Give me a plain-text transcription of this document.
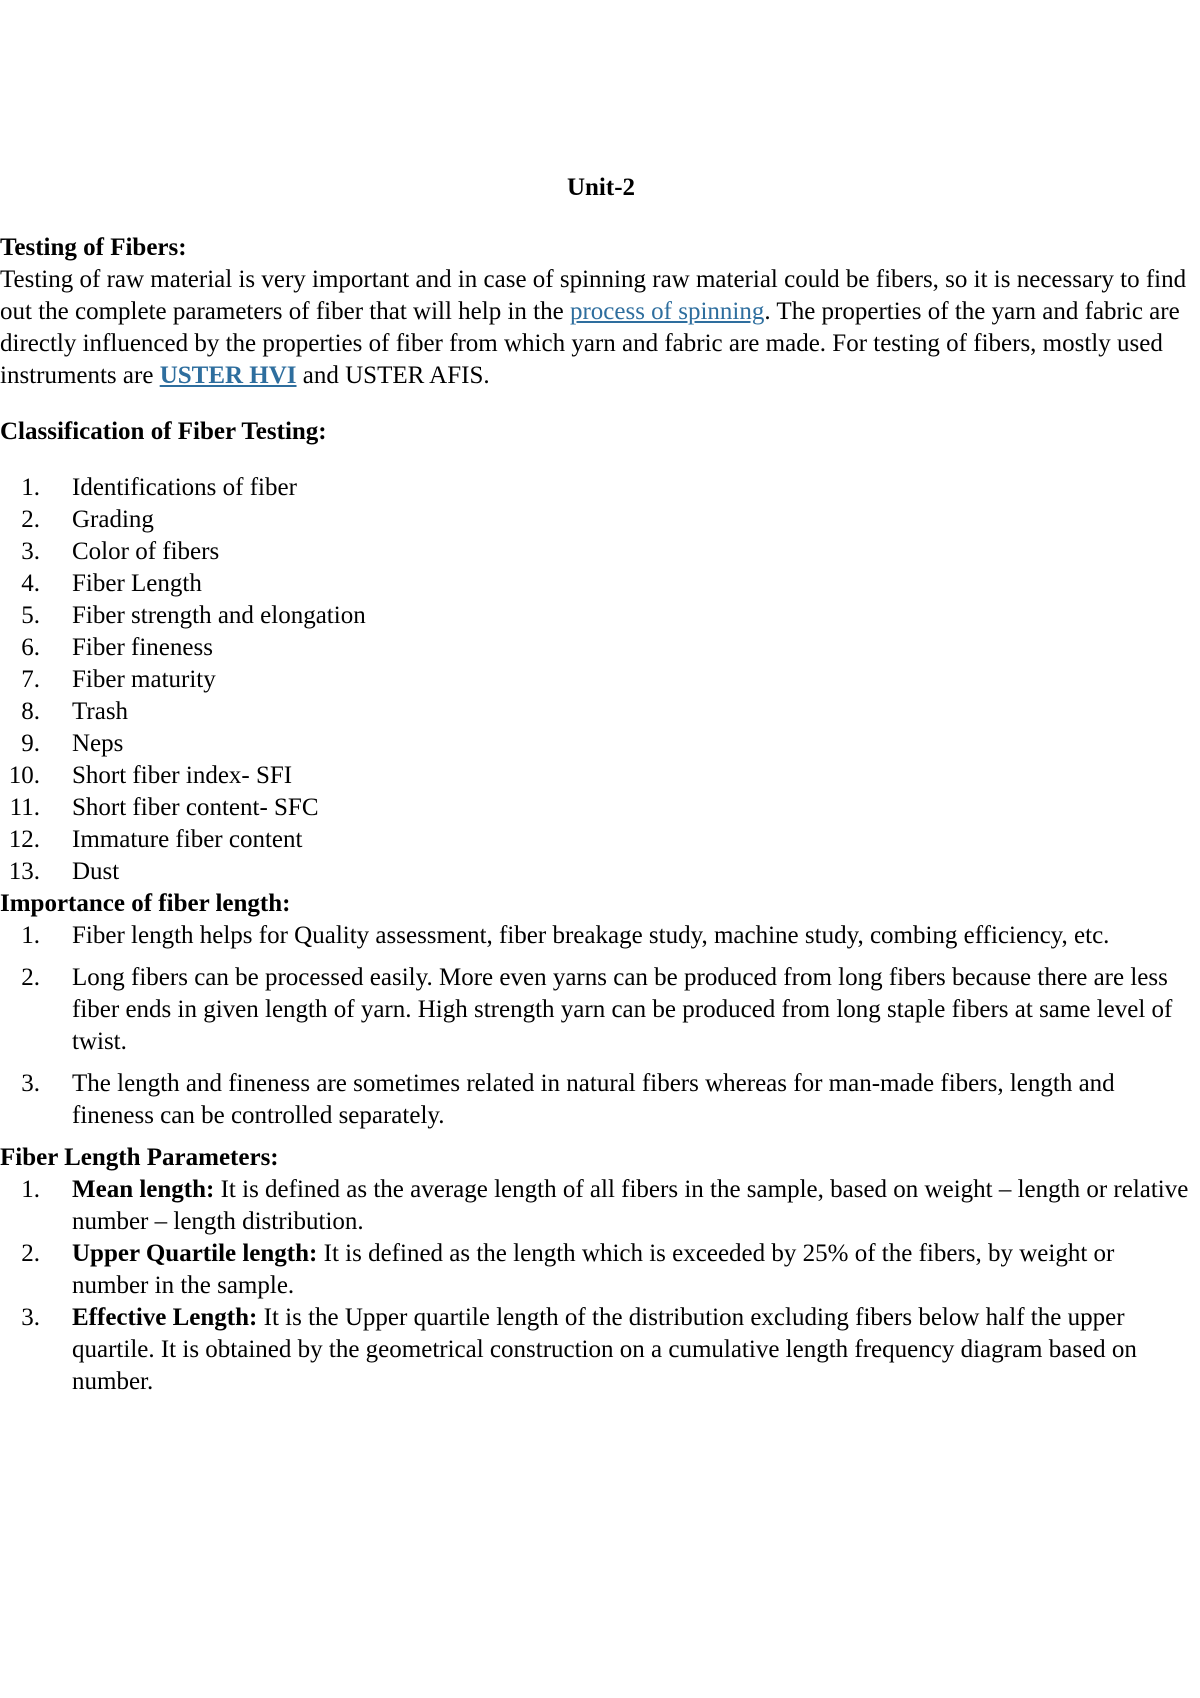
Unit-2

Testing of Fibers:

Testing of raw material is very important and in case of spinning raw material could be fibers, so it is necessary to find out the complete parameters of fiber that will help in the process of spinning. The properties of the yarn and fabric are directly influenced by the properties of fiber from which yarn and fabric are made. For testing of fibers, mostly used instruments are USTER HVI and USTER AFIS.

Classification of Fiber Testing:

1. Identifications of fiber
2. Grading
3. Color of fibers
4. Fiber Length
5. Fiber strength and elongation
6. Fiber fineness
7. Fiber maturity
8. Trash
9. Neps
10. Short fiber index- SFI
11. Short fiber content- SFC
12. Immature fiber content
13. Dust

Importance of fiber length:

1. Fiber length helps for Quality assessment, fiber breakage study, machine study, combing efficiency, etc.
2. Long fibers can be processed easily. More even yarns can be produced from long fibers because there are less fiber ends in given length of yarn. High strength yarn can be produced from long staple fibers at same level of twist.
3. The length and fineness are sometimes related in natural fibers whereas for man-made fibers, length and fineness can be controlled separately.

Fiber Length Parameters:

1. Mean length: It is defined as the average length of all fibers in the sample, based on weight – length or relative number – length distribution.
2. Upper Quartile length: It is defined as the length which is exceeded by 25% of the fibers, by weight or number in the sample.
3. Effective Length: It is the Upper quartile length of the distribution excluding fibers below half the upper quartile. It is obtained by the geometrical construction on a cumulative length frequency diagram based on number.
